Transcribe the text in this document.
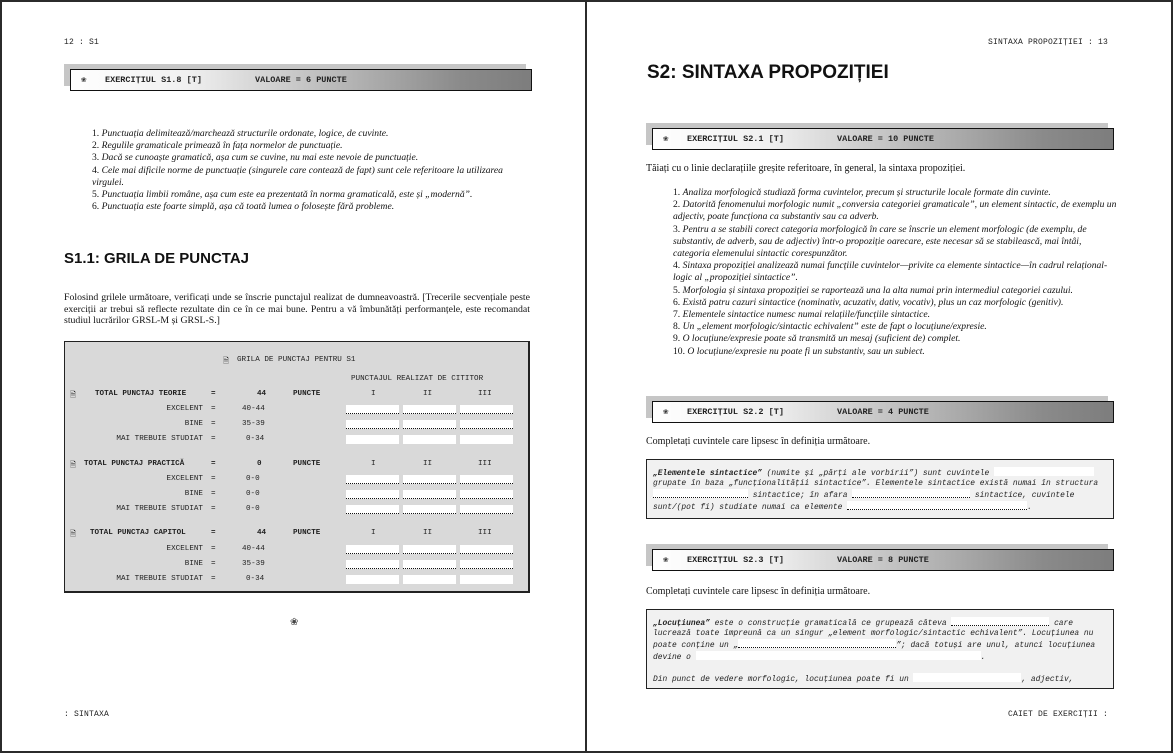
12 : S1
❀	EXERCIȚIUL S1.8 [T]	VALOARE = 6 PUNCTE
1. Punctuația delimitează/marchează structurile ordonate, logice, de cuvinte.
2. Regulile gramaticale primează în fața normelor de punctuație.
3. Dacă se cunoaște gramatică, așa cum se cuvine, nu mai este nevoie de punctuație.
4. Cele mai dificile norme de punctuație (singurele care contează de fapt) sunt cele referitoare la utilizarea virgulei.
5. Punctuația limbii române, așa cum este ea prezentată în norma gramaticală, este și „modernă”.
6. Punctuația este foarte simplă, așa că toată lumea o folosește fără probleme.
S1.1: GRILA DE PUNCTAJ
Folosind grilele următoare, verificați unde se înscrie punctajul realizat de dumneavoastră. [Trecerile secvențiale peste exerciții ar trebui să reflecte rezultate din ce în ce mai bune. Pentru a vă îmbunătăți performanțele, este recomandat studiul lucrărilor GRSL-M și GRSL-S.]
🗎 GRILA DE PUNCTAJ PENTRU S1
PUNCTAJUL REALIZAT DE CITITOR
🗎 TOTAL PUNCTAJ TEORIE	=	44	PUNCTE	I	II	III
EXCELENT =	40-44
BINE =	35-39
MAI TREBUIE STUDIAT =	0-34
🗎 TOTAL PUNCTAJ PRACTICĂ	=	0	PUNCTE	I	II	III
EXCELENT =	0-0
BINE =	0-0
MAI TREBUIE STUDIAT =	0-0
🗎 TOTAL PUNCTAJ CAPITOL	=	44	PUNCTE	I	II	III
EXCELENT =	40-44
BINE =	35-39
MAI TREBUIE STUDIAT =	0-34
❀
: SINTAXA
SINTAXA PROPOZIȚIEI : 13
S2: SINTAXA PROPOZIȚIEI
❀	EXERCIȚIUL S2.1 [T]	VALOARE = 10 PUNCTE
Tăiați cu o linie declarațiile greșite referitoare, în general, la sintaxa propoziției.
1. Analiza morfologică studiază forma cuvintelor, precum și structurile locale formate din cuvinte.
2. Datorită fenomenului morfologic numit „conversia categoriei gramaticale”, un element sintactic, de exemplu un adjectiv, poate funcționa ca substantiv sau ca adverb.
3. Pentru a se stabili corect categoria morfologică în care se înscrie un element morfologic (de exemplu, de substantiv, de adverb, sau de adjectiv) într-o propoziție oarecare, este necesar să se stabilească, mai întâi, categoria elemenului sintactic corespunzător.
4. Sintaxa propoziției analizează numai funcțiile cuvintelor—privite ca elemente sintactice—în cadrul relațional-logic al „propoziției sintactice”.
5. Morfologia și sintaxa propoziției se raportează una la alta numai prin intermediul categoriei cazului.
6. Există patru cazuri sintactice (nominativ, acuzativ, dativ, vocativ), plus un caz morfologic (genitiv).
7. Elementele sintactice numesc numai relațiile/funcțiile sintactice.
8. Un „element morfologic/sintactic echivalent” este de fapt o locuțiune/expresie.
9. O locuțiune/expresie poate să transmită un mesaj (suficient de) complet.
10. O locuțiune/expresie nu poate fi un substantiv, sau un subiect.
❀	EXERCIȚIUL S2.2 [T]	VALOARE = 4 PUNCTE
Completați cuvintele care lipsesc în definiția următoare.
„Elementele sintactice” (numite și „părți ale vorbirii”) sunt cuvintele  grupate în baza „funcționalității sintactice”. Elementele sintactice există numai în structura  sintactice; în afara	sintactice, cuvintele sunt/(pot fi) studiate numai ca elemente	.
❀	EXERCIȚIUL S2.3 [T]	VALOARE = 8 PUNCTE
Completați cuvintele care lipsesc în definiția următoare.
„Locuțiunea” este o construcție gramaticală ce grupează câteva	care lucrează toate împreună ca un singur „element morfologic/sintactic echivalent”. Locuțiunea nu poate conține un „	”; dacă totuși are unul, atunci locuțiunea devine o	.
Din punct de vedere morfologic, locuțiunea poate fi un	, adjectiv,
CAIET DE EXERCIȚII :
